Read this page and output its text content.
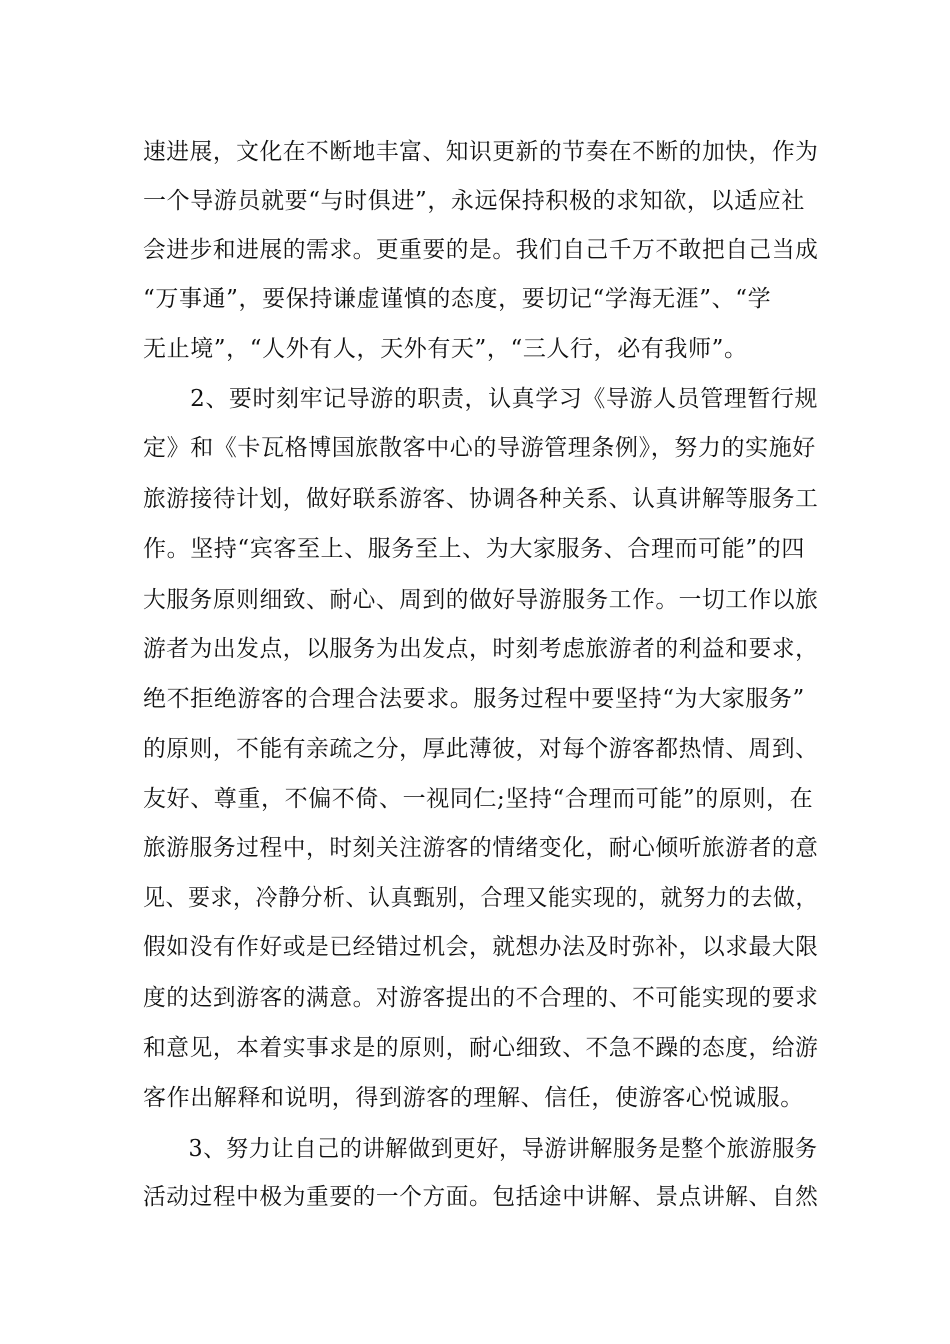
速进展，文化在不断地丰富、知识更新的节奏在不断的加快，作为
一个导游员就要“与时俱进”，永远保持积极的求知欲，以适应社
会进步和进展的需求。更重要的是。我们自己千万不敢把自己当成
“万事通”，要保持谦虚谨慎的态度，要切记“学海无涯”、“学
无止境”，“人外有人，天外有天”，“三人行，必有我师”。
　　2、要时刻牢记导游的职责，认真学习《导游人员管理暂行规
定》和《卡瓦格博国旅散客中心的导游管理条例》，努力的实施好
旅游接待计划，做好联系游客、协调各种关系、认真讲解等服务工
作。坚持“宾客至上、服务至上、为大家服务、合理而可能”的四
大服务原则细致、耐心、周到的做好导游服务工作。一切工作以旅
游者为出发点，以服务为出发点，时刻考虑旅游者的利益和要求，
绝不拒绝游客的合理合法要求。服务过程中要坚持“为大家服务”
的原则，不能有亲疏之分，厚此薄彼，对每个游客都热情、周到、
友好、尊重，不偏不倚、一视同仁;坚持“合理而可能”的原则，在
旅游服务过程中，时刻关注游客的情绪变化，耐心倾听旅游者的意
见、要求，冷静分析、认真甄别，合理又能实现的，就努力的去做，
假如没有作好或是已经错过机会，就想办法及时弥补，以求最大限
度的达到游客的满意。对游客提出的不合理的、不可能实现的要求
和意见，本着实事求是的原则，耐心细致、不急不躁的态度，给游
客作出解释和说明，得到游客的理解、信任，使游客心悦诚服。
　　3、努力让自己的讲解做到更好，导游讲解服务是整个旅游服务
活动过程中极为重要的一个方面。包括途中讲解、景点讲解、自然
